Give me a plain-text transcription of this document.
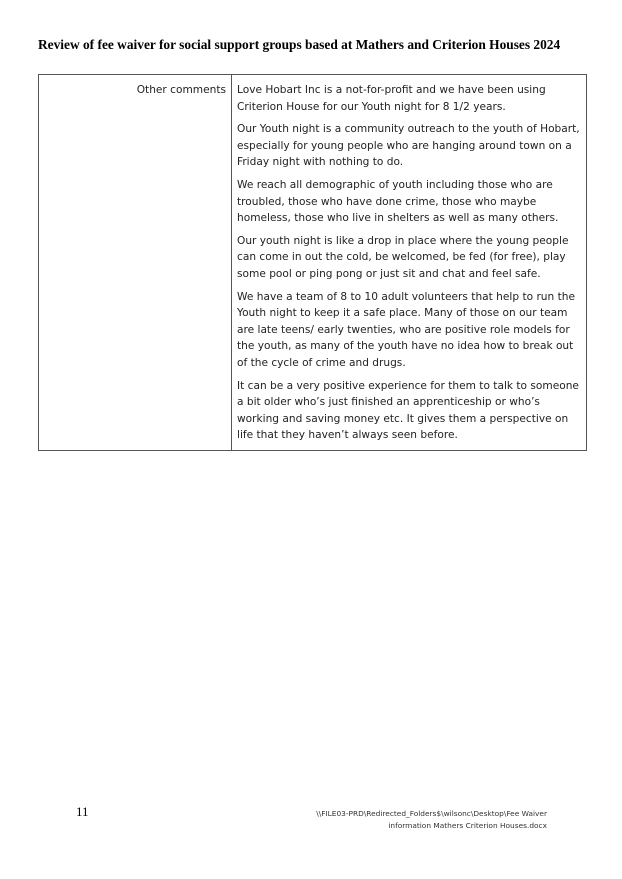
Review of fee waiver for social support groups based at Mathers and Criterion Houses 2024
Other comments	Love Hobart Inc is a not-for-profit and we have been using Criterion House for our Youth night for 8 1/2 years.

Our Youth night is a community outreach to the youth of Hobart, especially for young people who are hanging around town on a Friday night with nothing to do.

We reach all demographic of youth including those who are troubled, those who have done crime, those who maybe homeless, those who live in shelters as well as many others.

Our youth night is like a drop in place where the young people can come in out the cold, be welcomed, be fed (for free), play some pool or ping pong or just sit and chat and feel safe.

We have a team of 8 to 10 adult volunteers that help to run the Youth night to keep it a safe place. Many of those on our team are late teens/ early twenties, who are positive role models for the youth, as many of the youth have no idea how to break out of the cycle of crime and drugs.

It can be a very positive experience for them to talk to someone a bit older who’s just finished an apprenticeship or who’s working and saving money etc. It gives them a perspective on life that they haven’t always seen before.

11	\\FILE03-PRD\Redirected_Folders$\wilsonc\Desktop\Fee Waiver
information Mathers Criterion Houses.docx
